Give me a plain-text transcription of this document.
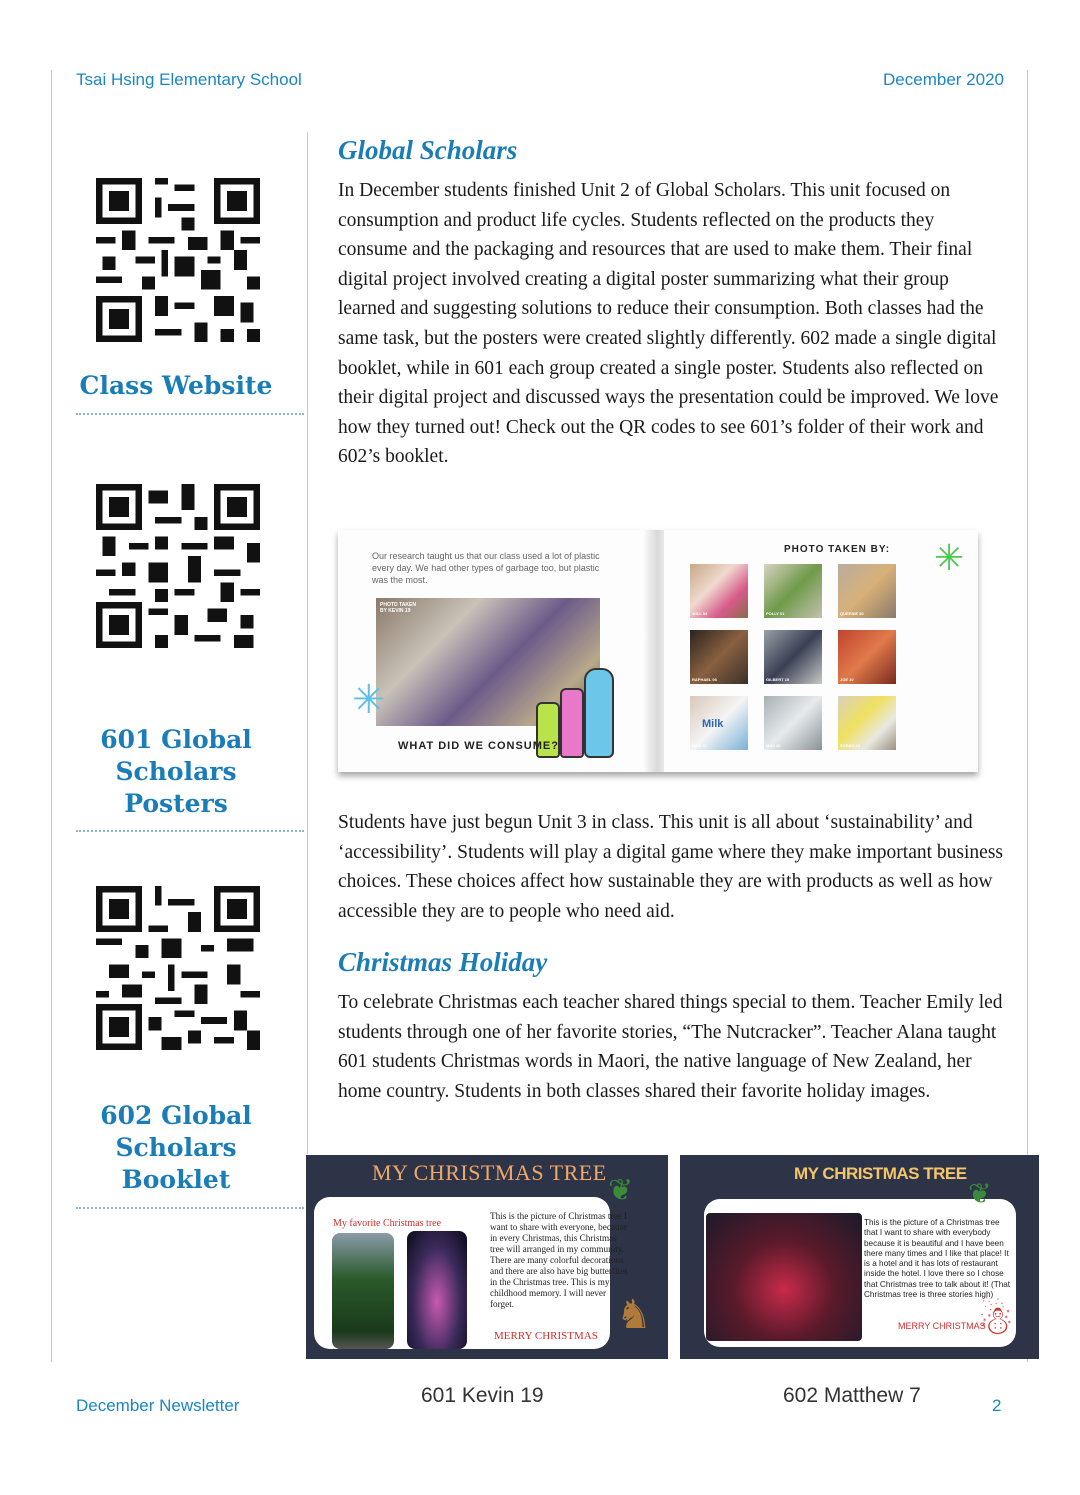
Tsai Hsing Elementary School	December 2020
Class Website
601 Global Scholars Posters
602 Global Scholars Booklet
Global Scholars

In December students finished Unit 2 of Global Scholars. This unit focused on consumption and product life cycles. Students reflected on the products they consume and the packaging and resources that are used to make them. Their final digital project involved creating a digital poster summarizing what their group learned and suggesting solutions to reduce their consumption. Both classes had the same task, but the posters were created slightly differently. 602 made a single digital booklet, while in 601 each group created a single poster. Students also reflected on their digital project and discussed ways the presentation could be improved. We love how they turned out! Check out the QR codes to see 601’s folder of their work and 602’s booklet.

Our research taught us that our class used a lot of plastic every day. We had other types of garbage too, but plastic was the most.
PHOTO TAKEN BY KEVIN 19
✳
WHAT DID WE CONSUME?
PHOTO TAKEN BY: ✳
WILL 04	POLLY 01	QUEENIE 30
RAPHAEL 06	GILBERT 15	JOE 10
Milk
IVAN 07	MAX 22	SORAH 24

Students have just begun Unit 3 in class. This unit is all about ‘sustainability’ and ‘accessibility’. Students will play a digital game where they make important business choices. These choices affect how sustainable they are with products as well as how accessible they are to people who need aid.

Christmas Holiday

To celebrate Christmas each teacher shared things special to them. Teacher Emily led students through one of her favorite stories, “The Nutcracker”. Teacher Alana taught 601 students Christmas words in Maori, the native language of New Zealand, her home country. Students in both classes shared their favorite holiday images.

MY CHRISTMAS TREE
My favorite Christmas tree
This is the picture of Christmas tree I want to share with everyone, because in every Christmas, this Christmas tree will arranged in my community. There are many colorful decorations and there are also have big butterflies in the Christmas tree. This is my childhood memory. I will never forget.
MERRY CHRISTMAS
❦
♞
MY CHRISTMAS TREE
This is the picture of a Christmas tree that I want to share with everybody because it is beautiful and I have been there many times and I like that place! It is a hotel and it has lots of restaurant inside the hotel. I love there so I chose that Christmas tree to talk about it! (That Christmas tree is three stories high)
MERRY CHRISTMAS
❦
☃
601 Kevin 19	602 Matthew 7
December Newsletter	2
